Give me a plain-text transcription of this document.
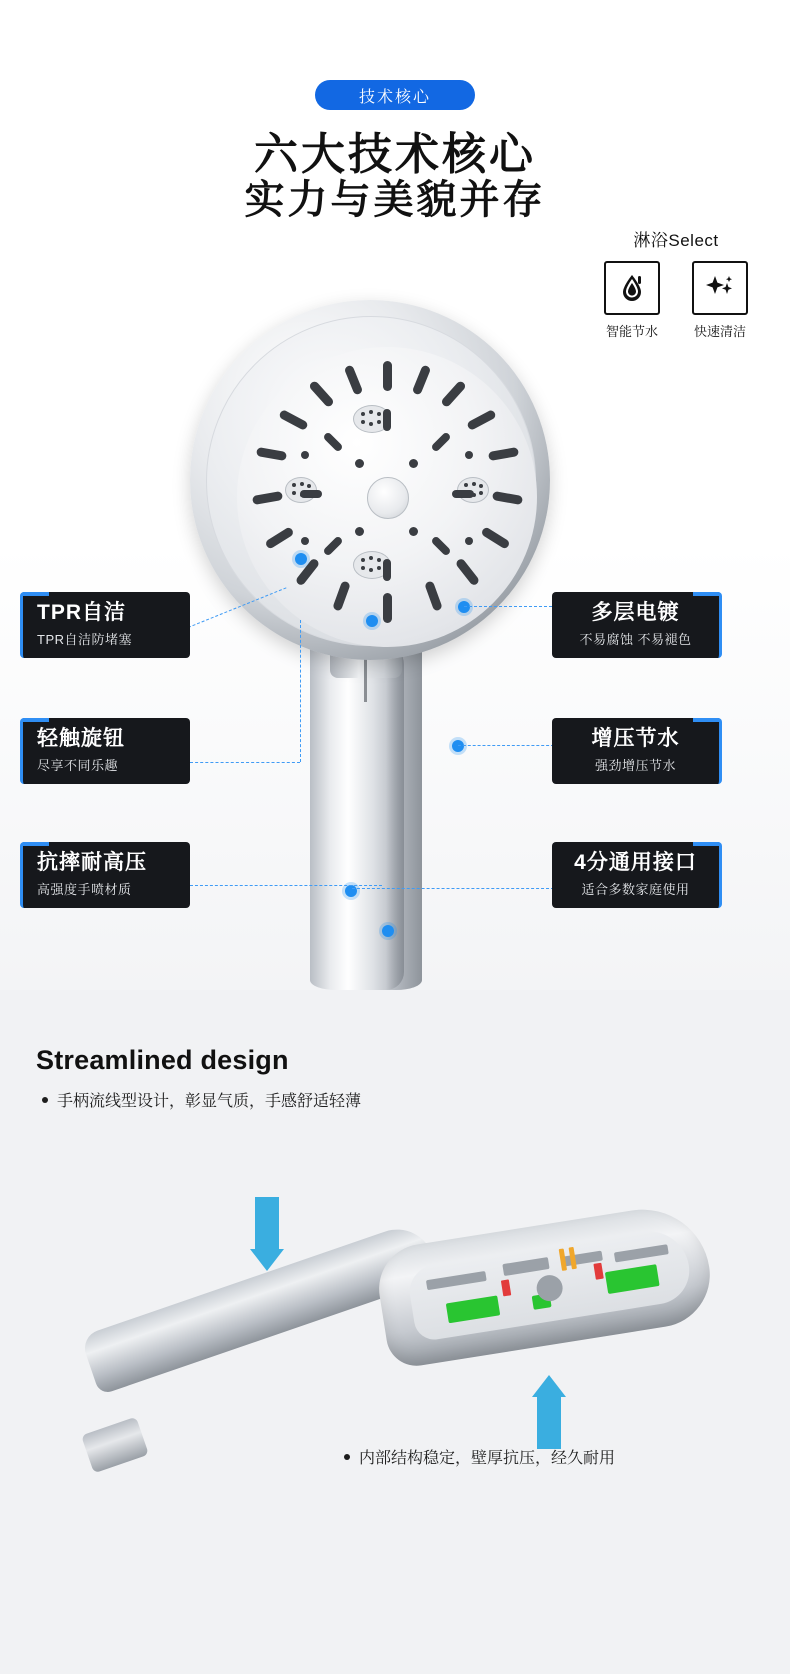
技术核心
六大技术核心
实力与美貌并存
淋浴Select
智能节水	快速清洁
TPR自洁
TPR自洁防堵塞
轻触旋钮
尽享不同乐趣
抗摔耐高压
高强度手喷材质
多层电镀
不易腐蚀 不易褪色
增压节水
强劲增压节水
4分通用接口
适合多数家庭使用
Streamlined design
手柄流线型设计，彰显气质，手感舒适轻薄
内部结构稳定，壁厚抗压，经久耐用
